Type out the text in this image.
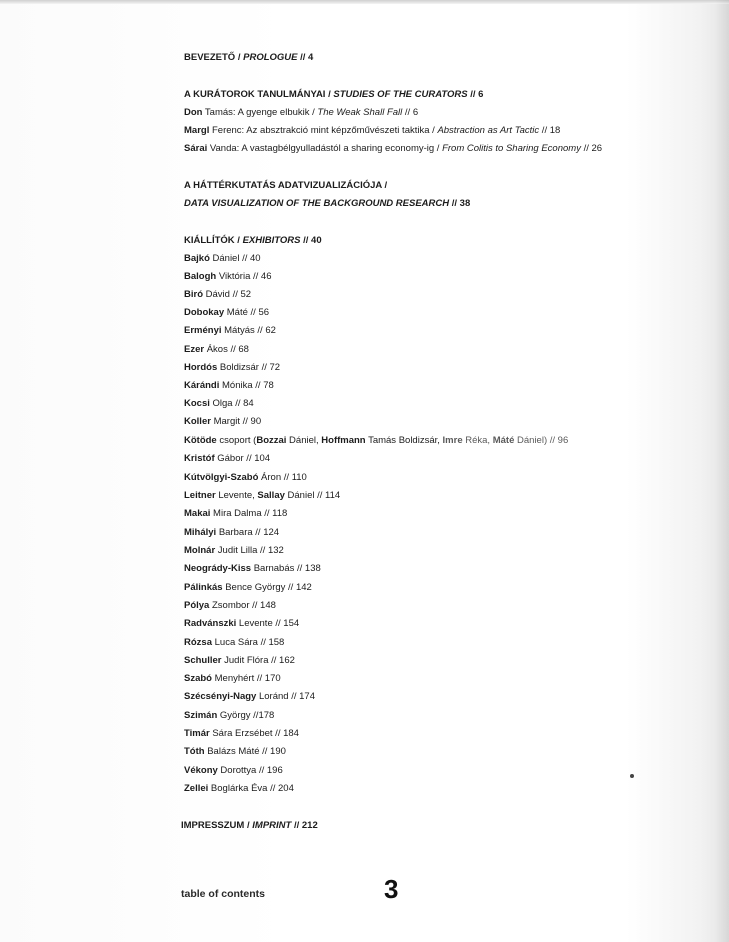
BEVEZETŐ / PROLOGUE // 4
A KURÁTOROK TANULMÁNYAI / STUDIES OF THE CURATORS // 6
Don Tamás: A gyenge elbukik / The Weak Shall Fall // 6
Margl Ferenc: Az absztrakció mint képzőművészeti taktika / Abstraction as Art Tactic // 18
Sárai Vanda: A vastagbélgyulladástól a sharing economy-ig / From Colitis to Sharing Economy // 26
A HÁTTÉRKUTATÁS ADATVIZUALIZÁCIÓJA /
DATA VISUALIZATION OF THE BACKGROUND RESEARCH // 38
KIÁLLÍTÓK / EXHIBITORS // 40
Bajkó Dániel // 40
Balogh Viktória // 46
Biró Dávid // 52
Dobokay Máté // 56
Erményi Mátyás // 62
Ezer Ákos // 68
Hordós Boldizsár // 72
Kárándi Mónika // 78
Kocsi Olga // 84
Koller Margit // 90
Kötöde csoport (Bozzai Dániel, Hoffmann Tamás Boldizsár, Imre Réka, Máté Dániel) // 96
Kristóf Gábor // 104
Kútvölgyi-Szabó Áron // 110
Leitner Levente, Sallay Dániel // 114
Makai Mira Dalma // 118
Mihályi Barbara // 124
Molnár Judit Lilla // 132
Neogrády-Kiss Barnabás // 138
Pálinkás Bence György // 142
Pólya Zsombor // 148
Radvánszki Levente // 154
Rózsa Luca Sára // 158
Schuller Judit Flóra // 162
Szabó Menyhért // 170
Szécsényi-Nagy Loránd // 174
Szimán György //178
Timár Sára Erzsébet // 184
Tóth Balázs Máté // 190
Vékony Dorottya // 196
Zellei Boglárka Éva // 204
IMPRESSZUM / IMPRINT // 212
table of contents	3
